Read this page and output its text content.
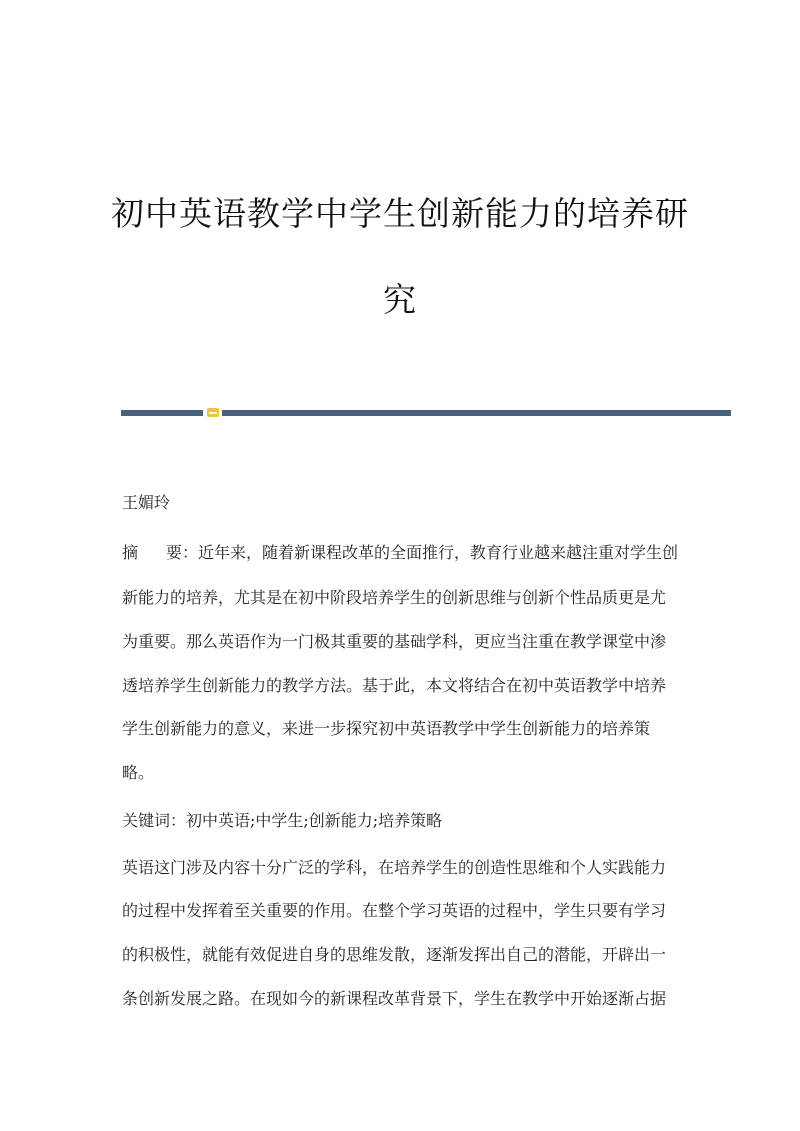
初中英语教学中学生创新能力的培养研
究
王媚玲
摘 要：近年来，随着新课程改革的全面推行，教育行业越来越注重对学生创
新能力的培养，尤其是在初中阶段培养学生的创新思维与创新个性品质更是尤
为重要。那么英语作为一门极其重要的基础学科，更应当注重在教学课堂中渗
透培养学生创新能力的教学方法。基于此，本文将结合在初中英语教学中培养
学生创新能力的意义，来进一步探究初中英语教学中学生创新能力的培养策
略。
关键词：初中英语;中学生;创新能力;培养策略
英语这门涉及内容十分广泛的学科，在培养学生的创造性思维和个人实践能力
的过程中发挥着至关重要的作用。在整个学习英语的过程中，学生只要有学习
的积极性，就能有效促进自身的思维发散，逐渐发挥出自己的潜能，开辟出一
条创新发展之路。在现如今的新课程改革背景下，学生在教学中开始逐渐占据
